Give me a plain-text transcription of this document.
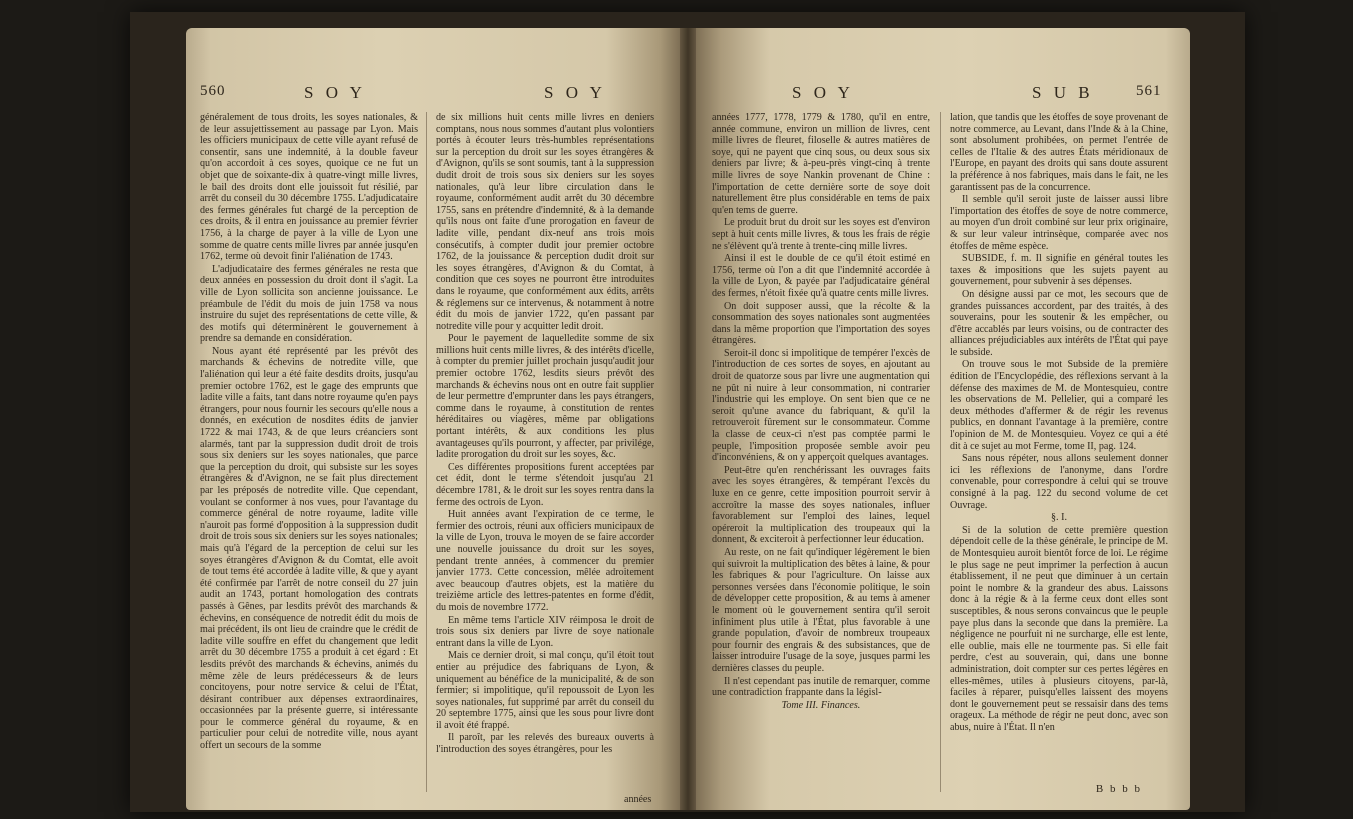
560	S O Y	S O Y

généralement de tous droits, les soyes nationales, & de leur assujettissement au passage par Lyon. Mais les officiers municipaux de cette ville ayant refusé de consentir, sans une indemnité, à la double faveur qu'on accordoit à ces soyes, quoique ce ne fut un objet que de soixante-dix à quatre-vingt mille livres, le bail des droits dont elle jouissoit fut résilié, par arrêt du conseil du 30 décembre 1755. L'adjudicataire des fermes générales fut chargé de la perception de ces droits, & il entra en jouissance au premier février 1756, à la charge de payer à la ville de Lyon une somme de quatre cents mille livres par année jusqu'en 1762, terme où devoit finir l'aliénation de 1743.

L'adjudicataire des fermes générales ne resta que deux années en possession du droit dont il s'agit. La ville de Lyon sollicita son ancienne jouissance. Le préambule de l'édit du mois de juin 1758 va nous instruire du sujet des représentations de cette ville, & des motifs qui déterminèrent le gouvernement à prendre sa demande en considération.

Nous ayant été représenté par les prévôt des marchands & échevins de notredite ville, que l'aliénation qui leur a été faite desdits droits, jusqu'au premier octobre 1762, est le gage des emprunts que ladite ville a faits, tant dans notre royaume qu'en pays étrangers, pour nous fournir les secours qu'elle nous a donnés, en exécution de nosdites édits de janvier 1722 & mai 1743, & de que leurs créanciers sont alarmés, tant par la suppression dudit droit de trois sous six deniers sur les soyes nationales, que parce que la perception du droit, qui subsiste sur les soyes étrangères & d'Avignon, ne se fait plus directement par les préposés de notredite ville. Que cependant, voulant se conformer à nos vues, pour l'avantage du commerce général de notre royaume, ladite ville n'auroit pas formé d'opposition à la suppression dudit droit de trois sous six deniers sur les soyes nationales; mais qu'à l'égard de la perception de celui sur les soyes étrangères d'Avignon & du Comtat, elle avoit de tout tems été accordée à ladite ville, & que y ayant été confirmée par l'arrêt de notre conseil du 27 juin audit an 1743, portant homologation des contrats passés à Gênes, par lesdits prévôt des marchands & échevins, en conséquence de notredit édit du mois de mai précédent, ils ont lieu de craindre que le crédit de ladite ville souffre en effet du changement que ledit arrêt du 30 décembre 1755 a produit à cet égard : Et lesdits prévôt des marchands & échevins, animés du même zèle de leurs prédécesseurs & de leurs concitoyens, pour notre service & celui de l'État, désirant contribuer aux dépenses extraordinaires, occasionnées par la présente guerre, si intéressante pour le commerce général du royaume, & en particulier pour celui de notredite ville, nous ayant offert un secours de la somme

de six millions huit cents mille livres en deniers comptans, nous nous sommes d'autant plus volontiers portés à écouter leurs très-humbles représentations sur la perception du droit sur les soyes étrangères & d'Avignon, qu'ils se sont soumis, tant à la suppression dudit droit de trois sous six deniers sur les soyes nationales, qu'à leur libre circulation dans le royaume, conformément audit arrêt du 30 décembre 1755, sans en prétendre d'indemnité, & à la demande qu'ils nous ont faite d'une prorogation en faveur de ladite ville, pendant dix-neuf ans trois mois consécutifs, à compter dudit jour premier octobre 1762, de la jouissance & perception dudit droit sur les soyes étrangères, d'Avignon & du Comtat, à condition que ces soyes ne pourront être introduites dans le royaume, que conformément aux édits, arrêts & réglemens sur ce intervenus, & notamment à notre édit du mois de janvier 1722, qu'en passant par notredite ville pour y acquitter ledit droit.

Pour le payement de laquelledite somme de six millions huit cents mille livres, & des intérêts d'icelle, à compter du premier juillet prochain jusqu'audit jour premier octobre 1762, lesdits sieurs prévôt des marchands & échevins nous ont en outre fait supplier de leur permettre d'emprunter dans les pays étrangers, comme dans le royaume, à constitution de rentes héréditaires ou viagères, même par obligations portant intérêts, & aux conditions les plus avantageuses qu'ils pourront, y affecter, par privilége, ladite prorogation du droit sur les soyes, &c.

Ces différentes propositions furent acceptées par cet édit, dont le terme s'étendoit jusqu'au 21 décembre 1781, & le droit sur les soyes rentra dans la ferme des octrois de Lyon.

Huit années avant l'expiration de ce terme, le fermier des octrois, réuni aux officiers municipaux de la ville de Lyon, trouva le moyen de se faire accorder une nouvelle jouissance du droit sur les soyes, pendant trente années, à commencer du premier janvier 1773. Cette concession, mêlée adroitement avec beaucoup d'autres objets, est la matière du treizième article des lettres-patentes en forme d'édit, du mois de novembre 1772.

En même tems l'article XIV réimposa le droit de trois sous six deniers par livre de soye nationale entrant dans la ville de Lyon.

Mais ce dernier droit, si mal conçu, qu'il étoit tout entier au préjudice des fabriquans de Lyon, & uniquement au bénéfice de la municipalité, & de son fermier; si impolitique, qu'il repoussoit de Lyon les soyes nationales, fut supprimé par arrêt du conseil du 20 septembre 1775, ainsi que les sous pour livre dont il avoit été frappé.

Il paroît, par les relevés des bureaux ouverts à l'introduction des soyes étrangères, pour les

années
S O Y	S U B	561

années 1777, 1778, 1779 & 1780, qu'il en entre, année commune, environ un million de livres, cent mille livres de fleuret, filoselle & autres matières de soye, qui ne payent que cinq sous, ou deux sous six deniers par livre; & à-peu-près vingt-cinq à trente mille livres de soye Nankin provenant de Chine : l'importation de cette dernière sorte de soye doit naturellement être plus considérable en tems de paix qu'en tems de guerre.

Le produit brut du droit sur les soyes est d'environ sept à huit cents mille livres, & tous les frais de régie ne s'élèvent qu'à trente à trente-cinq mille livres.

Ainsi il est le double de ce qu'il étoit estimé en 1756, terme où l'on a dit que l'indemnité accordée à la ville de Lyon, & payée par l'adjudicataire général des fermes, n'étoit fixée qu'à quatre cents mille livres.

On doit supposer aussi, que la récolte & la consommation des soyes nationales sont augmentées dans la même proportion que l'importation des soyes étrangères.

Seroit-il donc si impolitique de tempérer l'excès de l'introduction de ces sortes de soyes, en ajoutant au droit de quatorze sous par livre une augmentation qui ne pût ni nuire à leur consommation, ni contrarier l'industrie qui les employe. On sent bien que ce ne seroit qu'une avance du fabriquant, & qu'il la retrouveroit fûrement sur le consommateur. Comme la classe de ceux-ci n'est pas comptée parmi le peuple, l'imposition proposée semble avoir peu d'inconvéniens, & on y apperçoit quelques avantages.

Peut-être qu'en renchérissant les ouvrages faits avec les soyes étrangères, & tempérant l'excès du luxe en ce genre, cette imposition pourroit servir à accroître la masse des soyes nationales, influer favorablement sur l'emploi des laines, lequel opéreroit la multiplication des troupeaux qui la donnent, & exciteroit à perfectionner leur éducation.

Au reste, on ne fait qu'indiquer légèrement le bien qui suivroit la multiplication des bêtes à laine, & pour les fabriques & pour l'agriculture. On laisse aux personnes versées dans l'économie politique, le soin de développer cette proposition, & au tems à amener le moment où le gouvernement sentira qu'il seroit infiniment plus utile à l'État, plus favorable à une grande population, d'avoir de nombreux troupeaux pour fournir des engrais & des subsistances, que de laisser introduire l'usage de la soye, jusques parmi les dernières classes du peuple.

Il n'est cependant pas inutile de remarquer, comme une contradiction frappante dans la législ-

Tome III. Finances.

lation, que tandis que les étoffes de soye provenant de notre commerce, au Levant, dans l'Inde & à la Chine, sont absolument prohibées, on permet l'entrée de celles de l'Italie & des autres États méridionaux de l'Europe, en payant des droits qui sans doute assurent la préférence à nos fabriques, mais dans le fait, ne les garantissent pas de la concurrence.

Il semble qu'il seroit juste de laisser aussi libre l'importation des étoffes de soye de notre commerce, au moyen d'un droit combiné sur leur prix originaire, & sur leur valeur intrinsèque, comparée avec nos étoffes de même espèce.

SUBSIDE, f. m. Il signifie en général toutes les taxes & impositions que les sujets payent au gouvernement, pour subvenir à ses dépenses.

On désigne aussi par ce mot, les secours que de grandes puissances accordent, par des traités, à des souverains, pour les soutenir & les empêcher, ou d'être accablés par leurs voisins, ou de contracter des alliances préjudiciables aux intérêts de l'État qui paye le subside.

On trouve sous le mot Subside de la première édition de l'Encyclopédie, des réflexions servant à la défense des maximes de M. de Montesquieu, contre les observations de M. Pellelier, qui a comparé les deux méthodes d'affermer & de régir les revenus publics, en donnant l'avantage à la première, contre l'opinion de M. de Montesquieu. Voyez ce qui a été dit à ce sujet au mot Ferme, tome II, pag. 124.

Sans nous répéter, nous allons seulement donner ici les réflexions de l'anonyme, dans l'ordre convenable, pour correspondre à celui qui se trouve consigné à la pag. 122 du second volume de cet Ouvrage.

§. I.

Si de la solution de cette première question dépendoit celle de la thèse générale, le principe de M. de Montesquieu auroit bientôt force de loi. Le régime le plus sage ne peut imprimer la perfection à aucun établissement, il ne peut que diminuer à un certain point le nombre & la grandeur des abus. Laissons donc à la régie & à la ferme ceux dont elles sont susceptibles, & nous serons convaincus que le peuple paye plus dans la seconde que dans la première. La négligence ne pourfuit ni ne surcharge, elle est lente, elle oublie, mais elle ne tourmente pas. Si elle fait perdre, c'est au souverain, qui, dans une bonne administration, doit compter sur ces pertes légères en elles-mêmes, utiles à plusieurs citoyens, par-là, faciles à réparer, puisqu'elles laissent des moyens dont le gouvernement peut se ressaisir dans des tems orageux. La méthode de régir ne peut donc, avec son abus, nuire à l'État. Il n'en

B b b b
